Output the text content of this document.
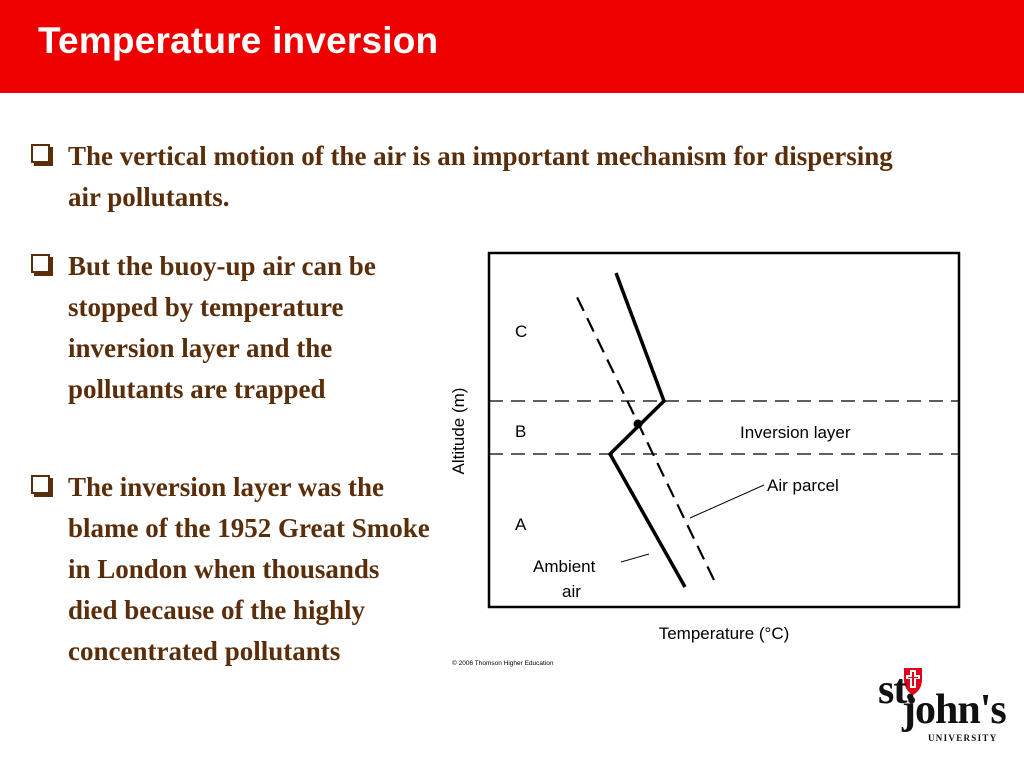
Temperature inversion
The vertical motion of the air is an important mechanism for dispersing air pollutants.
But the buoy-up air can be stopped by temperature inversion layer and the pollutants are trapped
The inversion layer was the blame of the 1952 Great Smoke in London when thousands died because of the highly concentrated pollutants
C
B
A
Inversion layer
Air parcel
Ambient
air
Altitude (m)
Temperature (°C)
© 2006 Thomson Higher Education
st.
john's
UNIVERSITY
